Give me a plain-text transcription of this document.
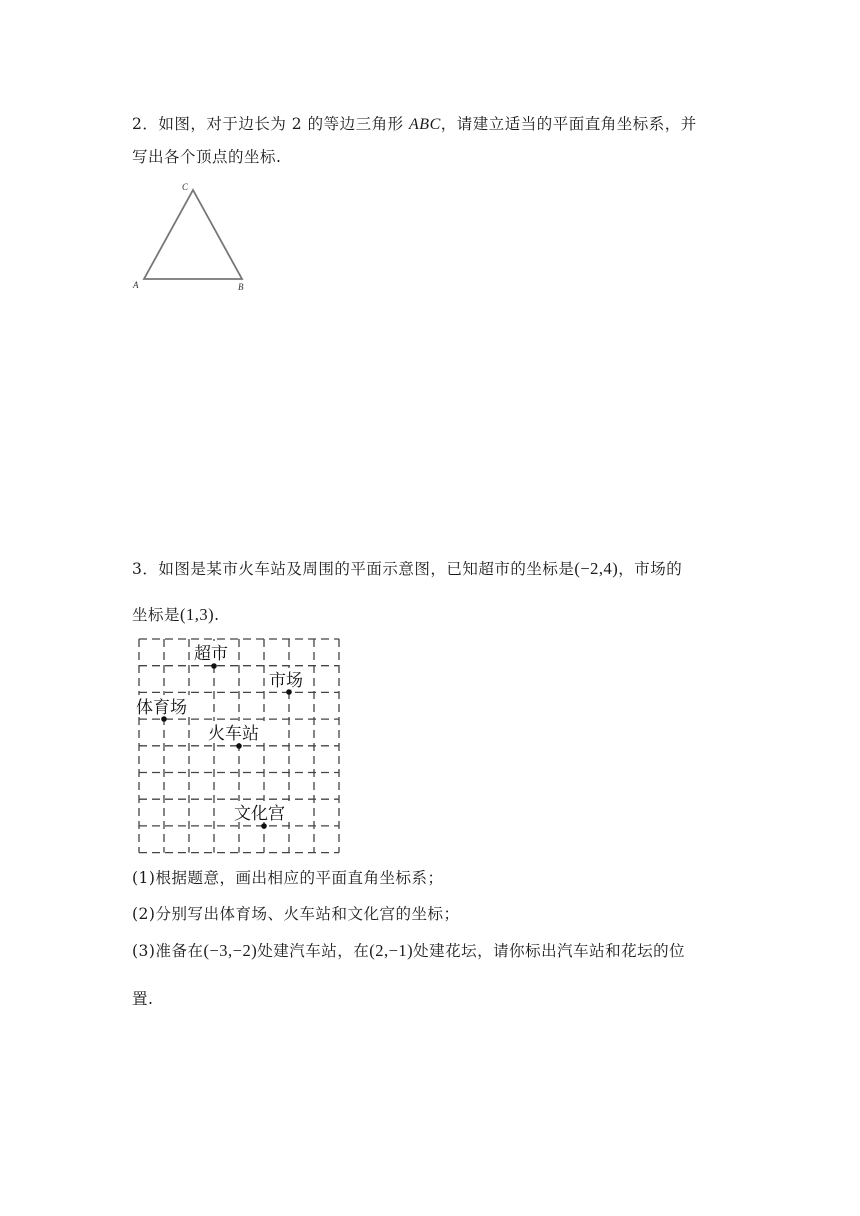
2．如图，对于边长为 2 的等边三角形 ABC，请建立适当的平面直角坐标系，并
写出各个顶点的坐标.
C
A	B
3．如图是某市火车站及周围的平面示意图，已知超市的坐标是(−2,4)，市场的
坐标是(1,3).
超市
市场
体育场
火车站
文化宫
(1)根据题意，画出相应的平面直角坐标系；
(2)分别写出体育场、火车站和文化宫的坐标；
(3)准备在(−3,−2)处建汽车站，在(2,−1)处建花坛，请你标出汽车站和花坛的位
置.
